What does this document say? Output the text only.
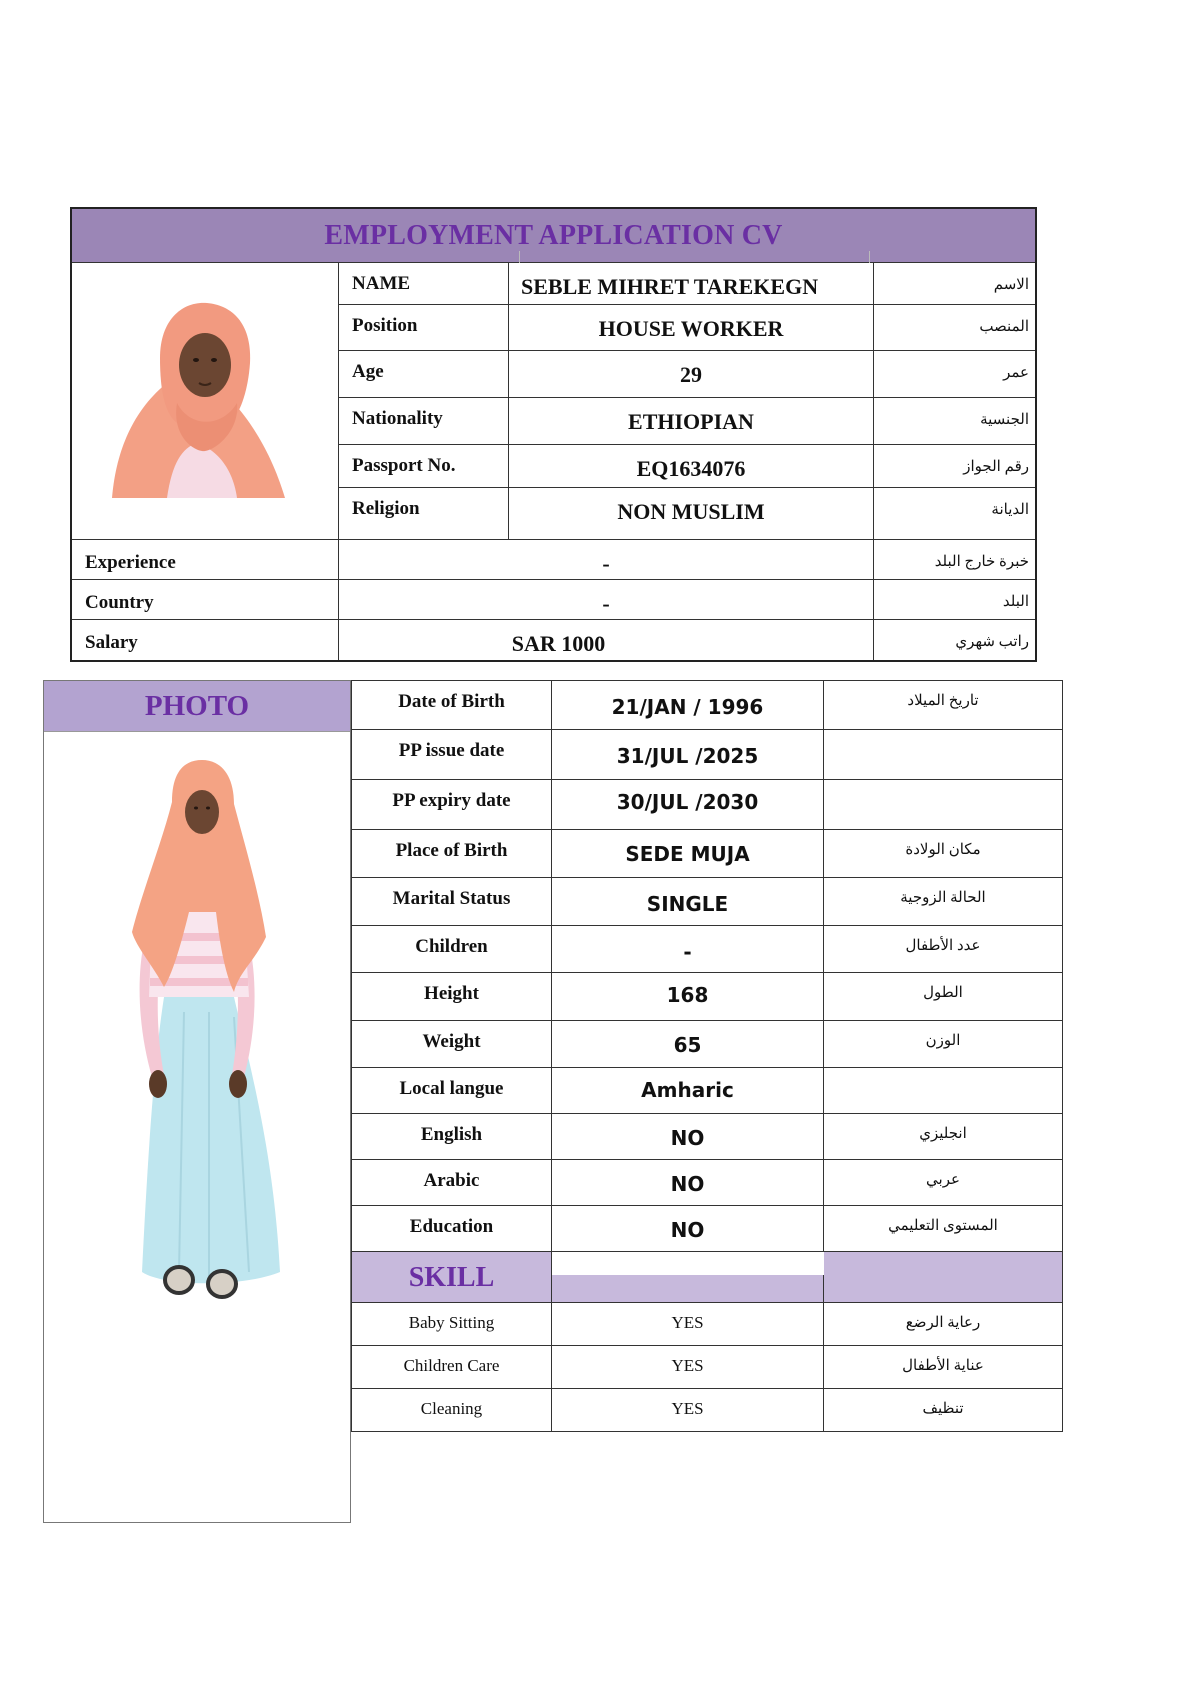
EMPLOYMENT APPLICATION CV
NAME	SEBLE MIHRET TAREKEGN	الاسم
Position	HOUSE WORKER	المنصب
Age	29	عمر
Nationality	ETHIOPIAN	الجنسية
Passport No.	EQ1634076	رقم الجواز
Religion	NON MUSLIM	الديانة
Experience	-	خبرة خارج البلد
Country	-	البلد
Salary	SAR 1000	راتب شهري
PHOTO	Date of Birth	21/JAN / 1996	تاريخ الميلاد
PP issue date	31/JUL /2025
PP expiry date	30/JUL /2030
Place of Birth	SEDE MUJA	مكان الولادة
Marital Status	SINGLE	الحالة الزوجية
Children	-	عدد الأطفال
Height	168	الطول
Weight	65	الوزن
Local langue	Amharic
English	NO	انجليزي
Arabic	NO	عربي
Education	NO	المستوى التعليمي
SKILL
Baby Sitting	YES	رعاية الرضع
Children Care	YES	عناية الأطفال
Cleaning	YES	تنظيف
